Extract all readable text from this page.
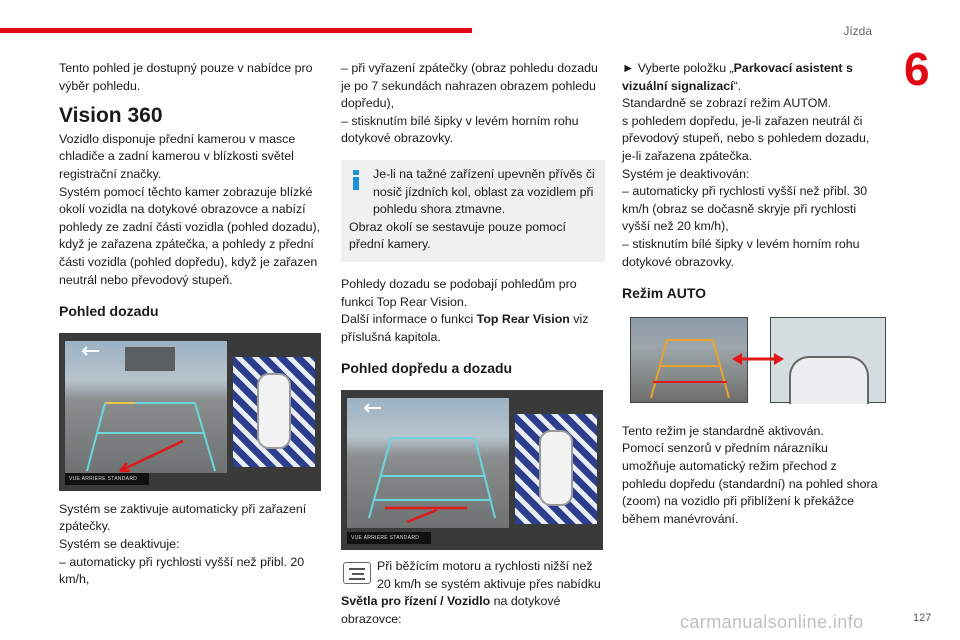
Jízda
6

Tento pohled je dostupný pouze v nabídce pro výběr pohledu.

Vision 360

Vozidlo disponuje přední kamerou v masce chladiče a zadní kamerou v blízkosti světel registrační značky.

Systém pomocí těchto kamer zobrazuje blízké okolí vozidla na dotykové obrazovce a nabízí pohledy ze zadní části vozidla (pohled dozadu), když je zařazena zpátečka, a pohledy z přední části vozidla (pohled dopředu), když je zařazen neutrál nebo převodový stupeň.

Pohled dozadu
VUE ARRIERE STANDARD

Systém se zaktivuje automaticky při zařazení zpátečky.

Systém se deaktivuje:

– automaticky při rychlosti vyšší než přibl. 20 km/h,

– při vyřazení zpátečky (obraz pohledu dozadu je po 7 sekundách nahrazen obrazem pohledu dopředu),

– stisknutím bílé šipky v levém horním rohu dotykové obrazovky.

Je-li na tažné zařízení upevněn přívěs či nosič jízdních kol, oblast za vozidlem při pohledu shora ztmavne.

Obraz okolí se sestavuje pouze pomocí přední kamery.

Pohledy dozadu se podobají pohledům pro funkci Top Rear Vision.

Další informace o funkci Top Rear Vision viz příslušná kapitola.

Pohled dopředu a dozadu
VUE ARRIERE STANDARD

Při běžícím motoru a rychlosti nižší než 20 km/h se systém aktivuje přes nabídku

Světla pro řízení / Vozidlo na dotykové obrazovce:

► Vyberte položku „Parkovací asistent s vizuální signalizací“.

Standardně se zobrazí režim AUTOM.

s pohledem dopředu, je-li zařazen neutrál či převodový stupeň, nebo s pohledem dozadu, je-li zařazena zpátečka.

Systém je deaktivován:

– automaticky při rychlosti vyšší než přibl. 30 km/h (obraz se dočasně skryje při rychlosti vyšší než 20 km/h),

– stisknutím bílé šipky v levém horním rohu dotykové obrazovky.

Režim AUTO

Tento režim je standardně aktivován.

Pomocí senzorů v předním nárazníku umožňuje automatický režim přechod z pohledu dopředu (standardní) na pohled shora (zoom) na vozidlo při přiblížení k překážce během manévrování.

carmanualsonline.info	127
